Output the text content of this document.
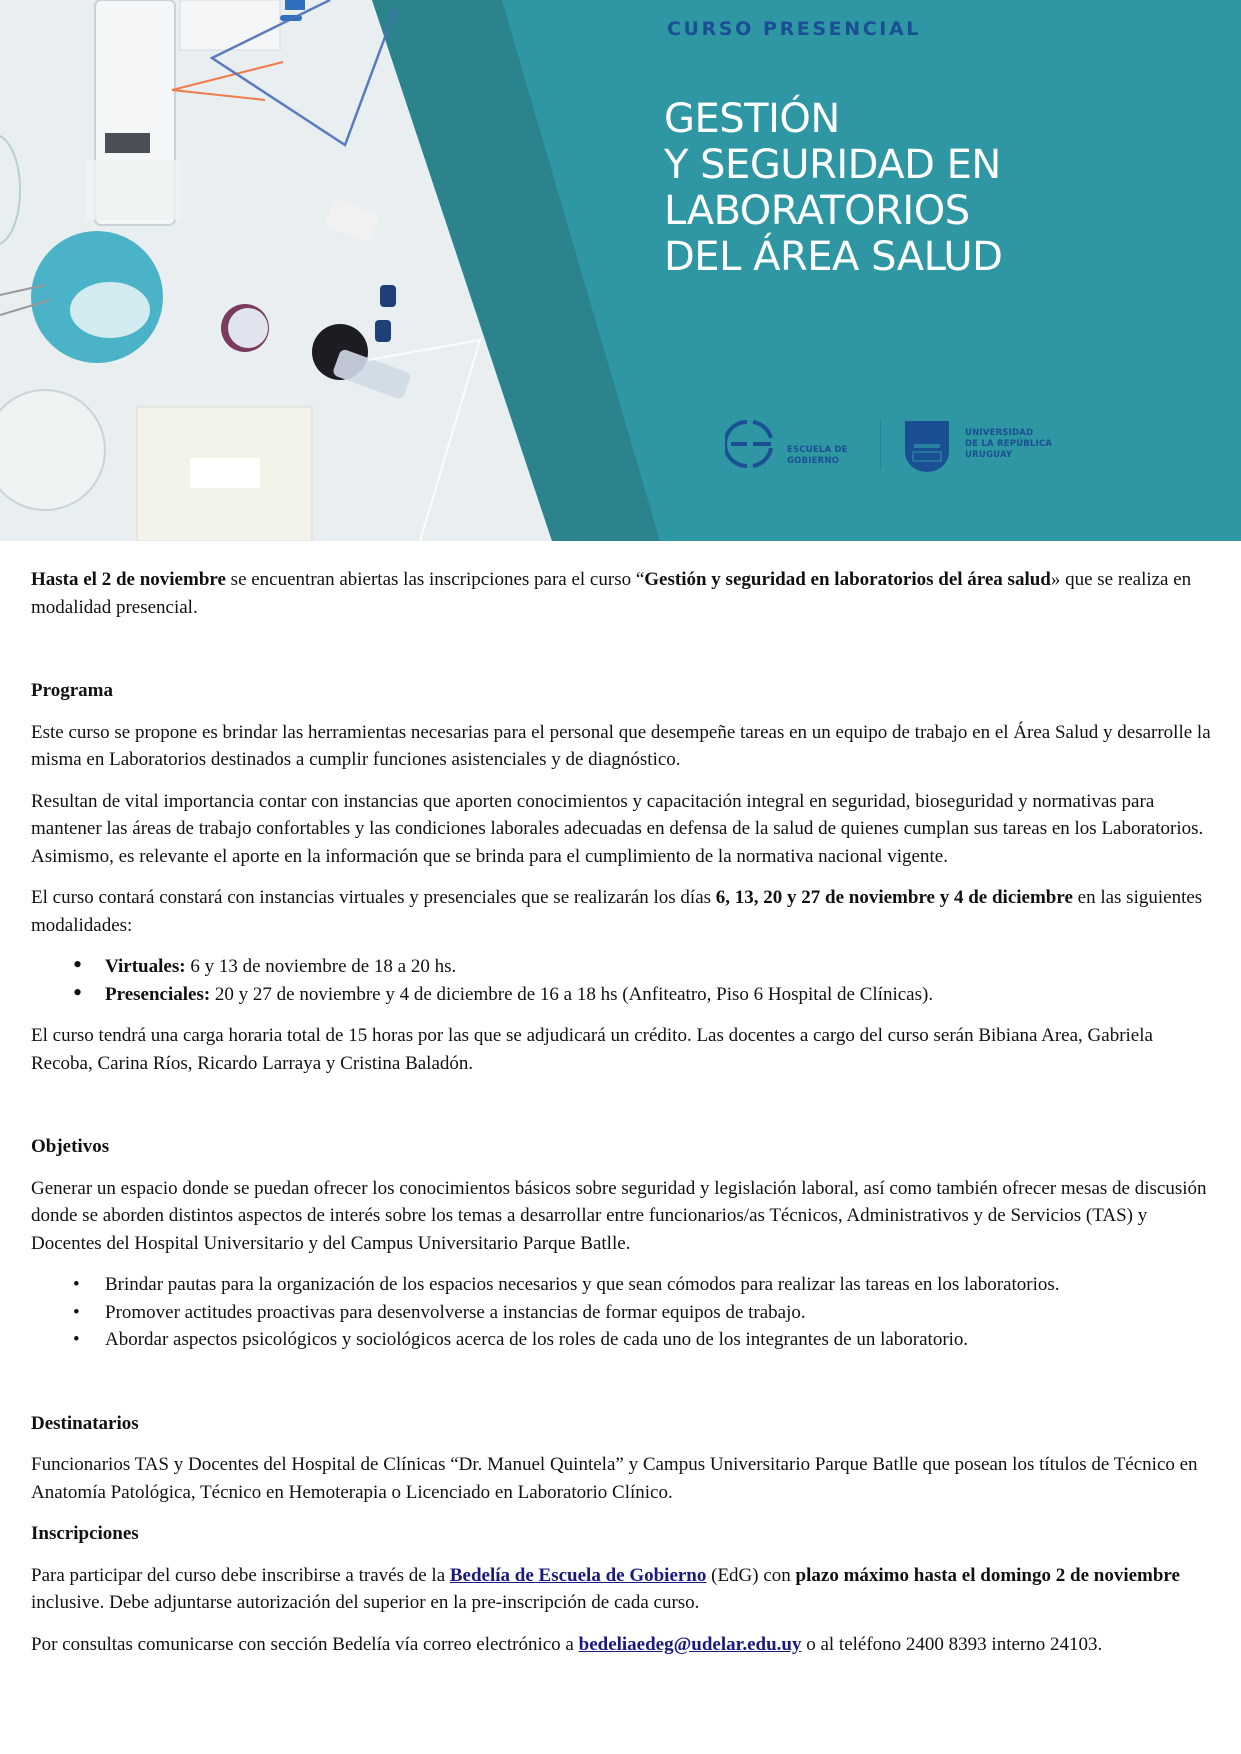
CURSO PRESENCIAL
GESTIÓN
Y SEGURIDAD EN
LABORATORIOS
DEL ÁREA SALUD
ESCUELA DE
GOBIERNO
UNIVERSIDAD
DE LA REPÚBLICA
URUGUAY

Hasta el 2 de noviembre se encuentran abiertas las inscripciones para el curso “Gestión y seguridad en laboratorios del área salud» que se realiza en modalidad presencial.

Programa

Este curso se propone es brindar las herramientas necesarias para el personal que desempeñe tareas en un equipo de trabajo en el Área Salud y desarrolle la misma en Laboratorios destinados a cumplir funciones asistenciales y de diagnóstico.

Resultan de vital importancia contar con instancias que aporten conocimientos y capacitación integral en seguridad, bioseguridad y normativas para mantener las áreas de trabajo confortables y las condiciones laborales adecuadas en defensa de la salud de quienes cumplan sus tareas en los Laboratorios. Asimismo, es relevante el aporte en la información que se brinda para el cumplimiento de la normativa nacional vigente.

El curso contará constará con instancias virtuales y presenciales que se realizarán los días 6, 13, 20 y 27 de noviembre y 4 de diciembre en las siguientes modalidades:

• Virtuales: 6 y 13 de noviembre de 18 a 20 hs.
• Presenciales: 20 y 27 de noviembre y 4 de diciembre de 16 a 18 hs (Anfiteatro, Piso 6 Hospital de Clínicas).

El curso tendrá una carga horaria total de 15 horas por las que se adjudicará un crédito. Las docentes a cargo del curso serán Bibiana Area, Gabriela Recoba, Carina Ríos, Ricardo Larraya y Cristina Baladón.

Objetivos

Generar un espacio donde se puedan ofrecer los conocimientos básicos sobre seguridad y legislación laboral, así como también ofrecer mesas de discusión donde se aborden distintos aspectos de interés sobre los temas a desarrollar entre funcionarios/as Técnicos, Administrativos y de Servicios (TAS) y Docentes del Hospital Universitario y del Campus Universitario Parque Batlle.

• Brindar pautas para la organización de los espacios necesarios y que sean cómodos para realizar las tareas en los laboratorios.
• Promover actitudes proactivas para desenvolverse a instancias de formar equipos de trabajo.
• Abordar aspectos psicológicos y sociológicos acerca de los roles de cada uno de los integrantes de un laboratorio.
Destinatarios

Funcionarios TAS y Docentes del Hospital de Clínicas “Dr. Manuel Quintela” y Campus Universitario Parque Batlle que posean los títulos de Técnico en Anatomía Patológica, Técnico en Hemoterapia o Licenciado en Laboratorio Clínico.

Inscripciones

Para participar del curso debe inscribirse a través de la Bedelía de Escuela de Gobierno (EdG) con plazo máximo hasta el domingo 2 de noviembre inclusive. Debe adjuntarse autorización del superior en la pre-inscripción de cada curso.

Por consultas comunicarse con sección Bedelía vía correo electrónico a bedeliaedeg@udelar.edu.uy o al teléfono 2400 8393 interno 24103.
